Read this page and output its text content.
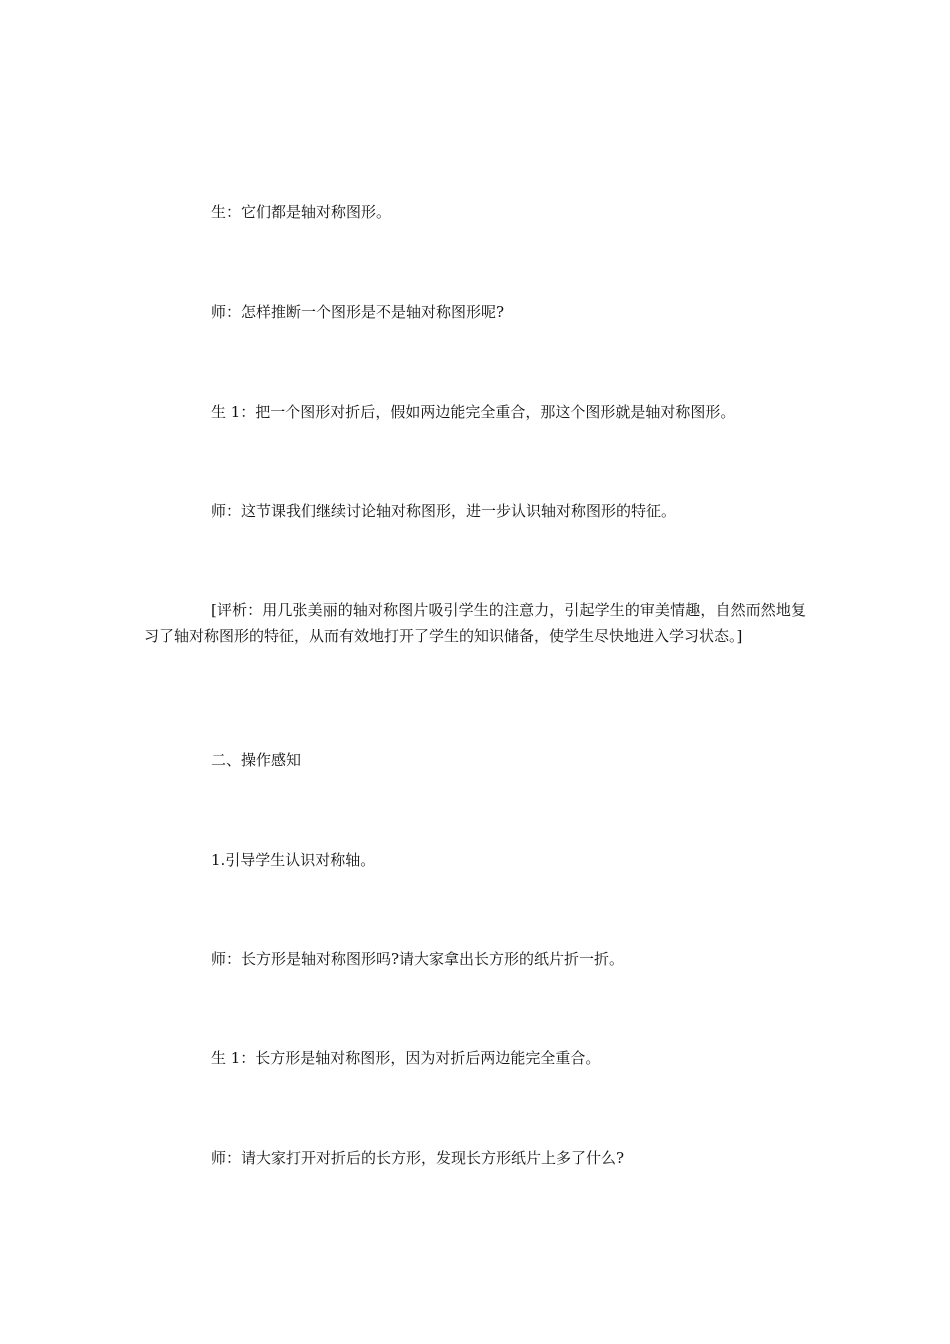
生：它们都是轴对称图形。

师：怎样推断一个图形是不是轴对称图形呢?

生 1：把一个图形对折后，假如两边能完全重合，那这个图形就是轴对称图形。

师：这节课我们继续讨论轴对称图形，进一步认识轴对称图形的特征。

[评析：用几张美丽的轴对称图片吸引学生的注意力，引起学生的审美情趣，自然而然地复习了轴对称图形的特征，从而有效地打开了学生的知识储备，使学生尽快地进入学习状态。]

二、操作感知

1.引导学生认识对称轴。

师：长方形是轴对称图形吗?请大家拿出长方形的纸片折一折。

生 1：长方形是轴对称图形，因为对折后两边能完全重合。

师：请大家打开对折后的长方形，发现长方形纸片上多了什么?
